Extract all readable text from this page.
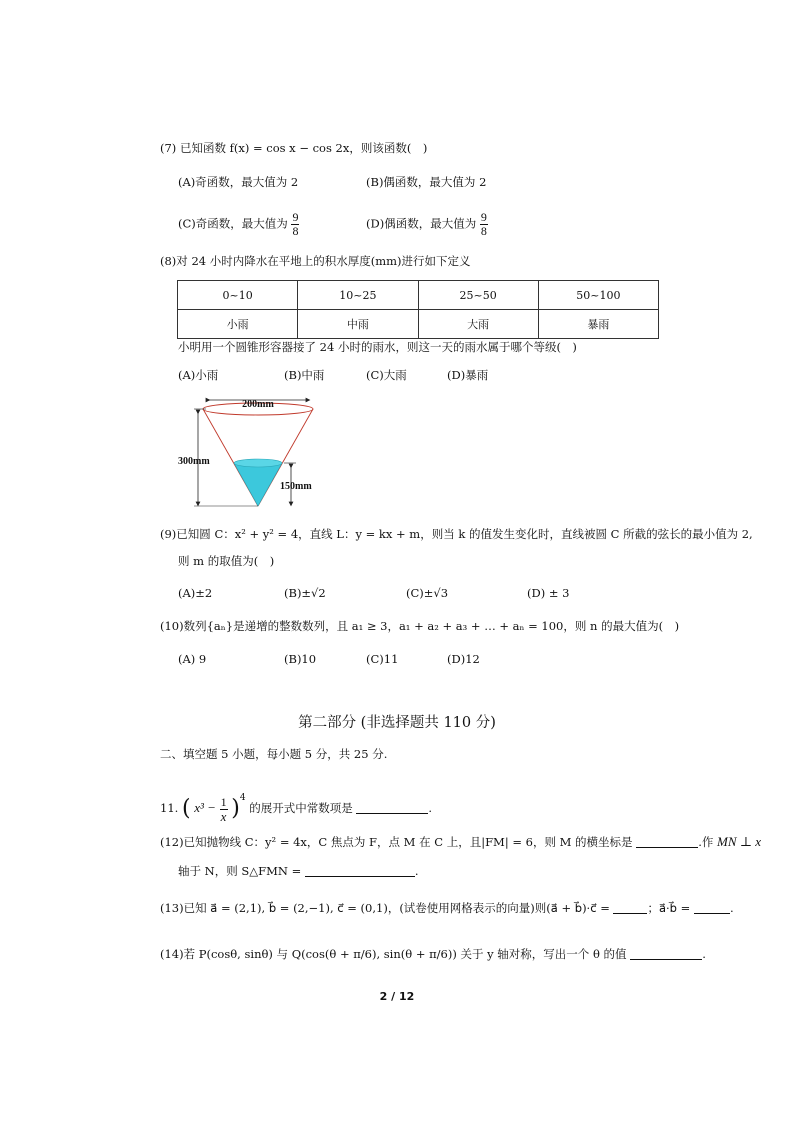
(7) 已知函数 f(x) = cos x − cos 2x，则该函数(　)
(A)奇函数，最大值为 2	(B)偶函数，最大值为 2
(C)奇函数，最大值为 $\frac{9}{8}$	(D)偶函数，最大值为 $\frac{9}{8}$
(8)对 24 小时内降水在平地上的积水厚度(mm)进行如下定义
0~10	10~25	25~50	50~100
小雨	中雨	大雨	暴雨
小明用一个圆锥形容器接了 24 小时的雨水，则这一天的雨水属于哪个等级(　)
(A)小雨	(B)中雨	(C)大雨	(D)暴雨
200mm
300mm
150mm
(9)已知圆 C：x² + y² = 4，直线 L：y = kx + m，则当 k 的值发生变化时，直线被圆 C 所截的弦长的最小值为 2,
则 m 的取值为(　)
(A)±2	(B)±√2	(C)±√3	(D) ± 3
(10)数列{aₙ}是递增的整数数列，且 a₁ ≥ 3，a₁ + a₂ + a₃ + … + aₙ = 100，则 n 的最大值为(　)
(A) 9	(B)10	(C)11	(D)12
第二部分 (非选择题共 110 分)
二、填空题 5 小题，每小题 5 分，共 25 分.
11. ( $x^3 - \frac{1}{x} )^4$ 的展开式中常数项是	.
(12)已知抛物线 C：y² = 4x，C 焦点为 F，点 M 在 C 上，且|FM| = 6，则 M 的横坐标是	.作 MN ⊥ x
轴于 N，则 S△FMN =	.
(13)已知 a⃗ = (2,1), b⃗ = (2,−1), c⃗ = (0,1)，(试卷使用网格表示的向量)则(a⃗ + b⃗)·c⃗ =	；a⃗·b⃗ =	.
(14)若 P(cosθ, sinθ) 与 Q(cos(θ + π/6), sin(θ + π/6)) 关于 y 轴对称，写出一个 θ 的值	.
2 / 12
